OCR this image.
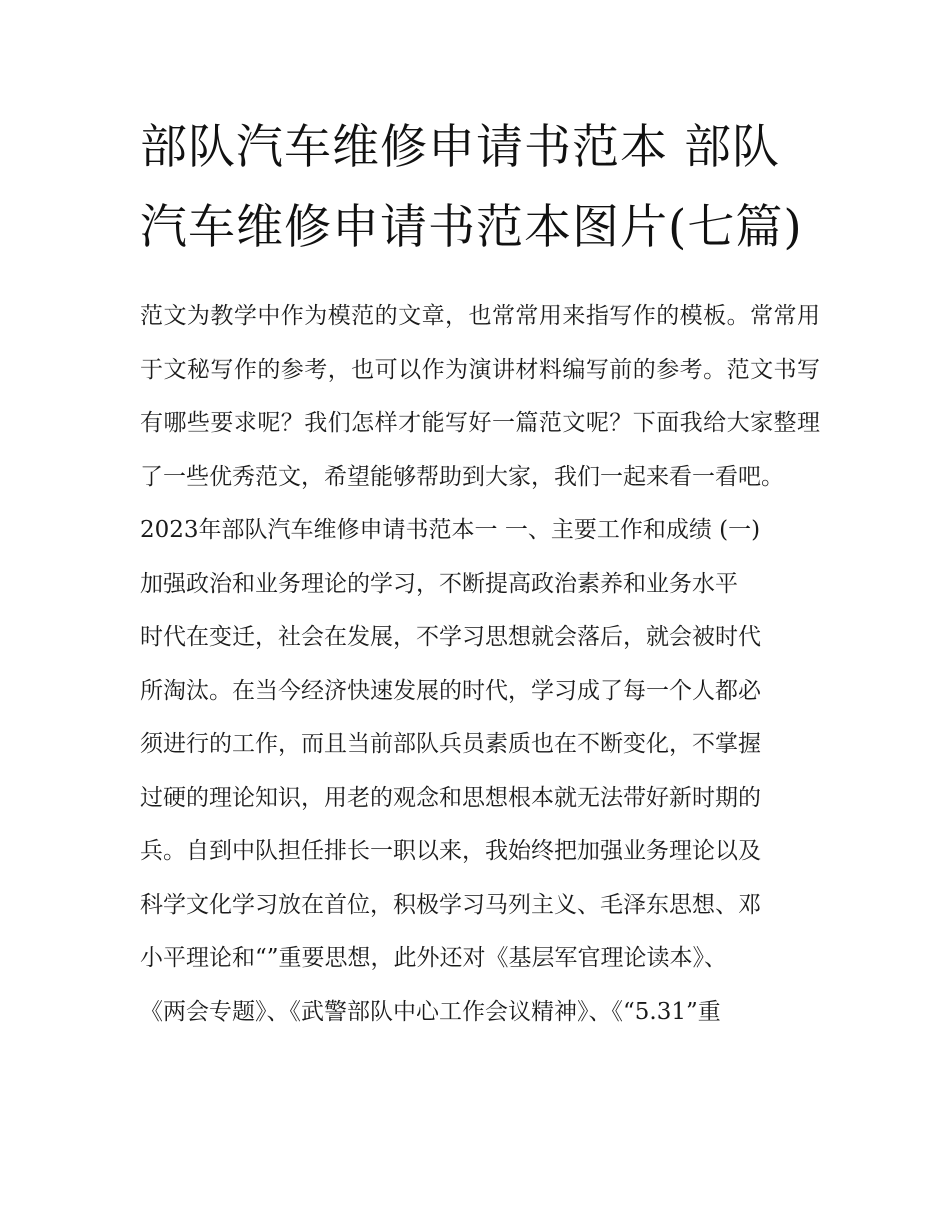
部队汽车维修申请书范本 部队汽车维修申请书范本图片(七篇)

范文为教学中作为模范的文章，也常常用来指写作的模板。常常用于文秘写作的参考，也可以作为演讲材料编写前的参考。范文书写有哪些要求呢？我们怎样才能写好一篇范文呢？下面我给大家整理了一些优秀范文，希望能够帮助到大家，我们一起来看一看吧。

2023年部队汽车维修申请书范本一 一、主要工作和成绩 (一)
加强政治和业务理论的学习，不断提高政治素养和业务水平
时代在变迁，社会在发展，不学习思想就会落后，就会被时代
所淘汰。在当今经济快速发展的时代，学习成了每一个人都必
须进行的工作，而且当前部队兵员素质也在不断变化，不掌握
过硬的理论知识，用老的观念和思想根本就无法带好新时期的
兵。自到中队担任排长一职以来，我始终把加强业务理论以及
科学文化学习放在首位，积极学习马列主义、毛泽东思想、邓
小平理论和“”重要思想，此外还对《基层军官理论读本》、
《两会专题》、《武警部队中心工作会议精神》、《“5.31”重
